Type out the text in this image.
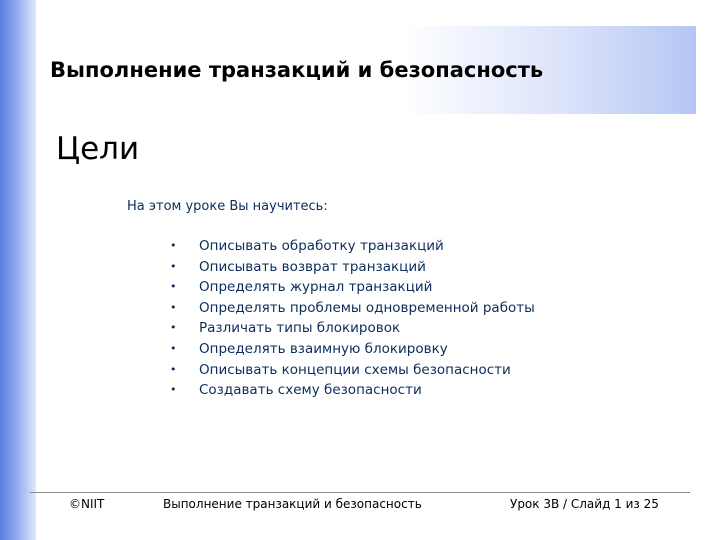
Выполнение транзакций и безопасность
Цели
На этом уроке Вы научитесь:
• Описывать обработку транзакций
• Описывать возврат транзакций
• Определять журнал транзакций
• Определять проблемы одновременной работы
• Различать типы блокировок
• Определять взаимную блокировку
• Описывать концепции схемы безопасности
• Создавать схему безопасности
©NIIT	Выполнение транзакций и безопасность	Урок 3В / Слайд 1 из 25
